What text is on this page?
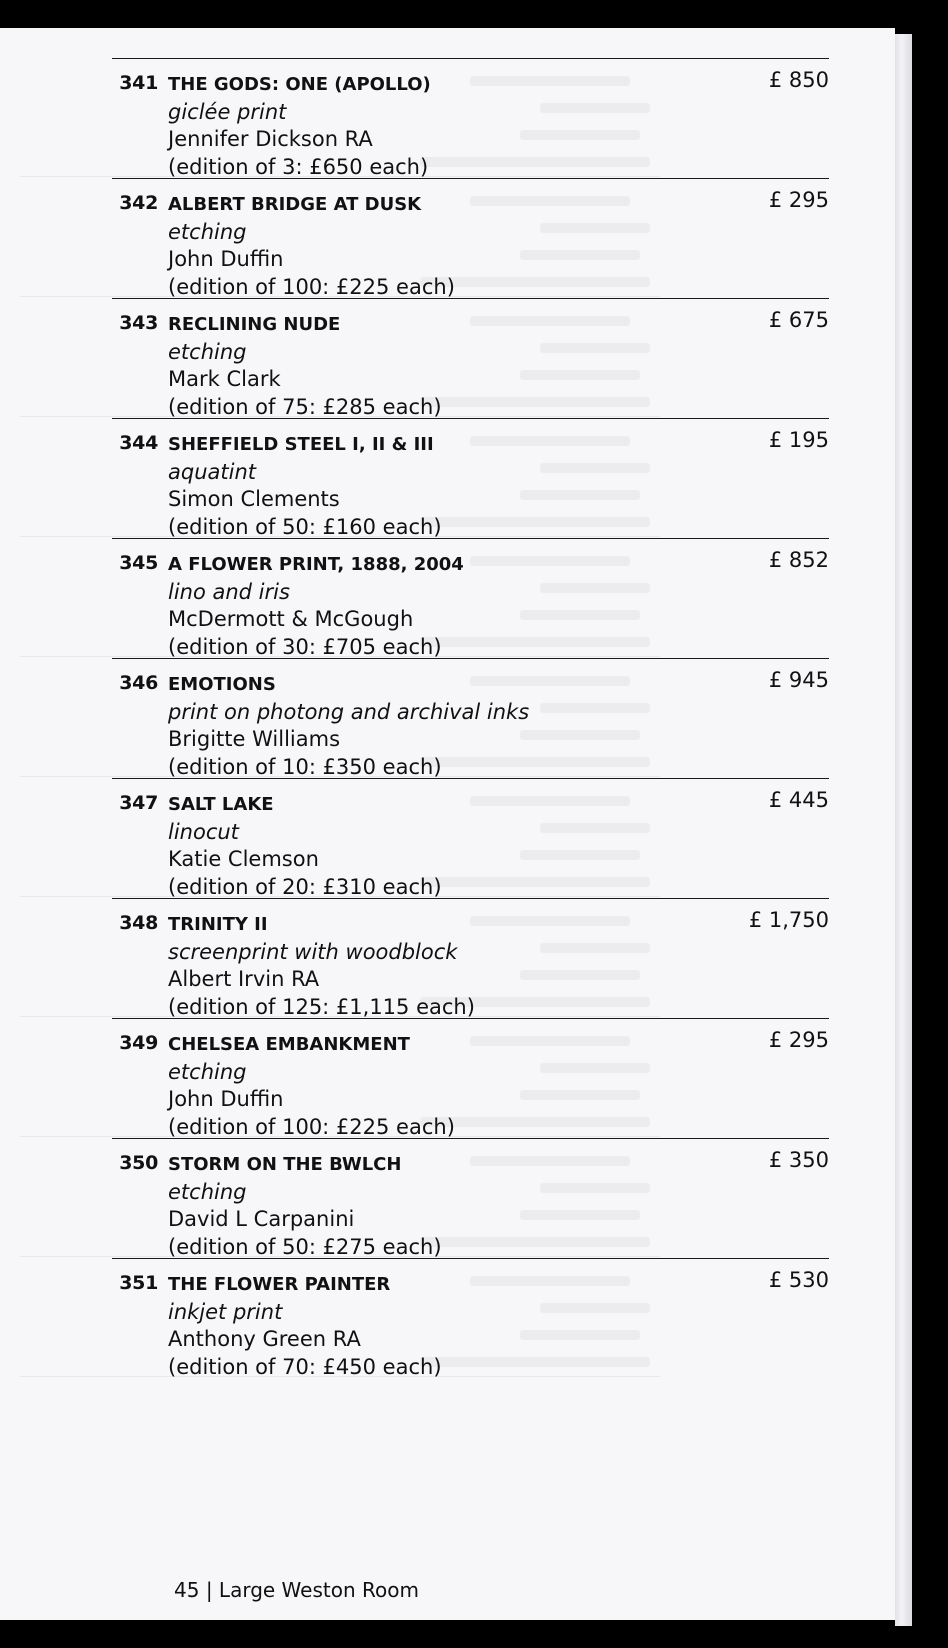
341 THE GODS: ONE (APOLLO)
giclée print
Jennifer Dickson RA
(edition of 3: £650 each)
£ 850
342 ALBERT BRIDGE AT DUSK
etching
John Duffin
(edition of 100: £225 each)
£ 295
343 RECLINING NUDE
etching
Mark Clark
(edition of 75: £285 each)
£ 675
344 SHEFFIELD STEEL I, II & III
aquatint
Simon Clements
(edition of 50: £160 each)
£ 195
345 A FLOWER PRINT, 1888, 2004
lino and iris
McDermott & McGough
(edition of 30: £705 each)
£ 852
346 EMOTIONS
print on photong and archival inks
Brigitte Williams
(edition of 10: £350 each)
£ 945
347 SALT LAKE
linocut
Katie Clemson
(edition of 20: £310 each)
£ 445
348 TRINITY II
screenprint with woodblock
Albert Irvin RA
(edition of 125: £1,115 each)
£ 1,750
349 CHELSEA EMBANKMENT
etching
John Duffin
(edition of 100: £225 each)
£ 295
350 STORM ON THE BWLCH
etching
David L Carpanini
(edition of 50: £275 each)
£ 350
351 THE FLOWER PAINTER
inkjet print
Anthony Green RA
(edition of 70: £450 each)
£ 530
45 | Large Weston Room
